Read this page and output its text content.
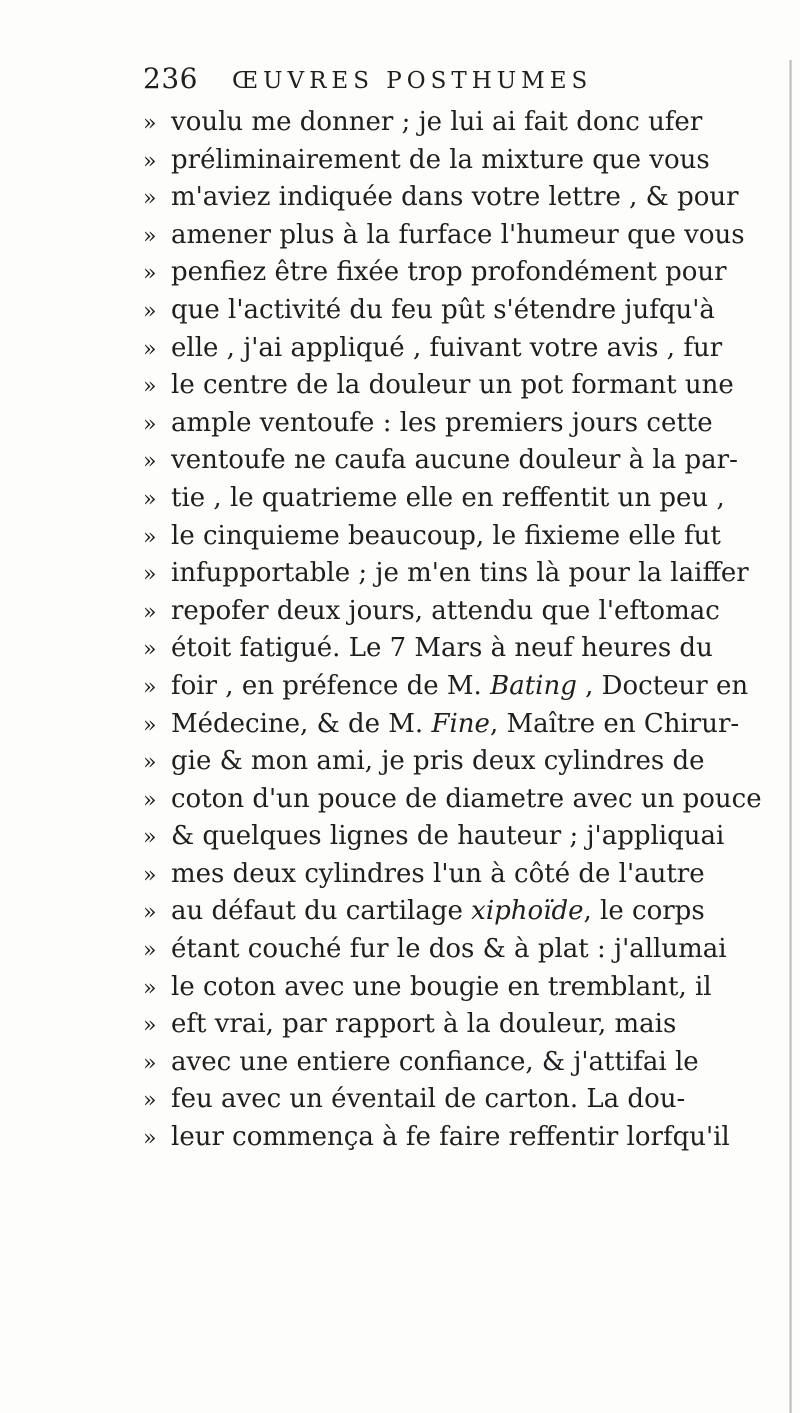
236 ŒUVRES POSTHUMES
» voulu me donner ; je lui ai fait donc ufer
» préliminairement de la mixture que vous
» m'aviez indiquée dans votre lettre , & pour
» amener plus à la furface l'humeur que vous
» penfiez être fixée trop profondément pour
» que l'activité du feu pût s'étendre jufqu'à
» elle , j'ai appliqué , fuivant votre avis , fur
» le centre de la douleur un pot formant une
» ample ventoufe : les premiers jours cette
» ventoufe ne caufa aucune douleur à la par-
» tie , le quatrieme elle en reffentit un peu ,
» le cinquieme beaucoup, le fixieme elle fut
» infupportable ; je m'en tins là pour la laiffer
» repofer deux jours, attendu que l'eftomac
» étoit fatigué. Le 7 Mars à neuf heures du
» foir , en préfence de M. Bating , Docteur en
» Médecine, & de M. Fine, Maître en Chirur-
» gie & mon ami, je pris deux cylindres de
» coton d'un pouce de diametre avec un pouce
» & quelques lignes de hauteur ; j'appliquai
» mes deux cylindres l'un à côté de l'autre
» au défaut du cartilage xiphoïde, le corps
» étant couché fur le dos & à plat : j'allumai
» le coton avec une bougie en tremblant, il
» eft vrai, par rapport à la douleur, mais
» avec une entiere confiance, & j'attifai le
» feu avec un éventail de carton. La dou-
» leur commença à fe faire reffentir lorfqu'il
